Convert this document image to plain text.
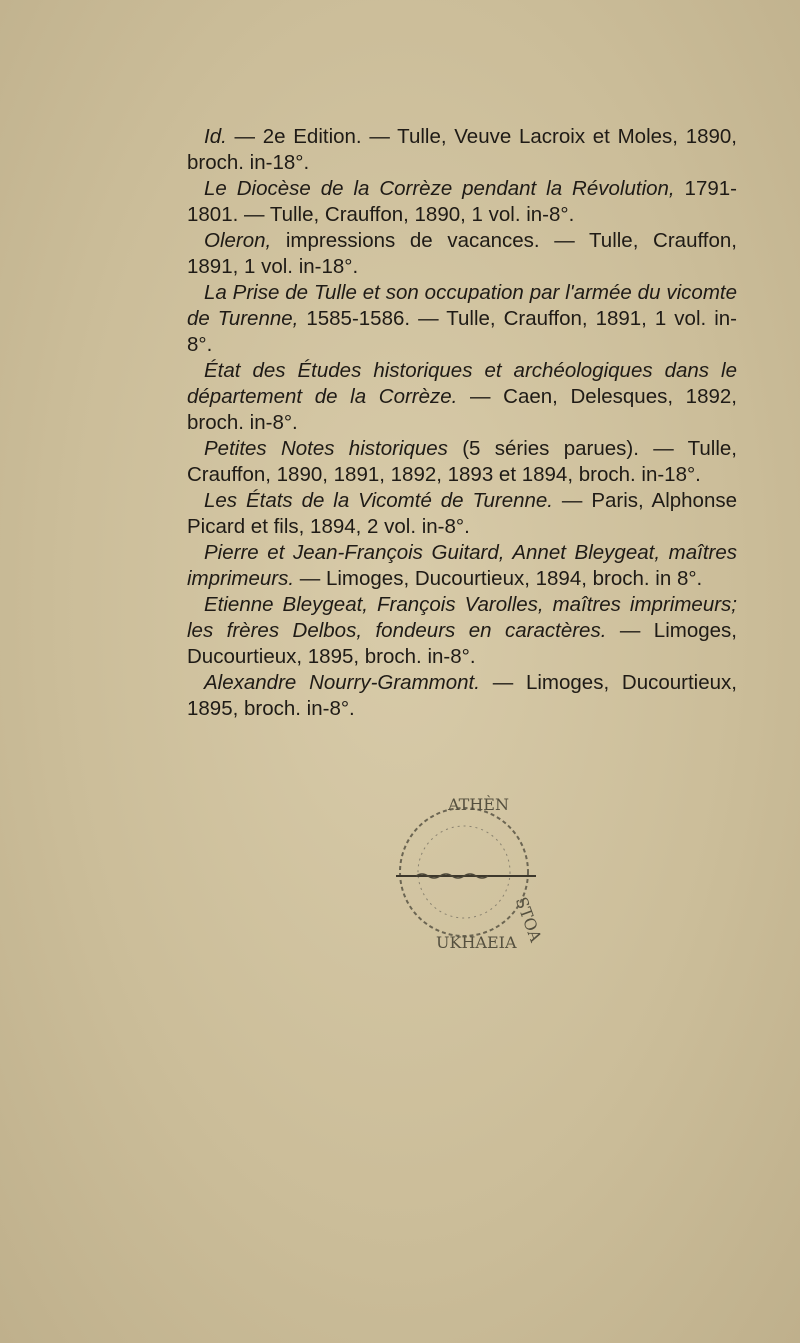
Id. — 2e Edition. — Tulle, Veuve Lacroix et Moles, 1890, broch. in-18°.

Le Diocèse de la Corrèze pendant la Révolution, 1791-1801. — Tulle, Crauffon, 1890, 1 vol. in-8°.

Oleron, impressions de vacances. — Tulle, Crauffon, 1891, 1 vol. in-18°.

La Prise de Tulle et son occupation par l'armée du vicomte de Turenne, 1585-1586. — Tulle, Crauffon, 1891, 1 vol. in-8°.

État des Études historiques et archéologiques dans le département de la Corrèze. — Caen, Delesques, 1892, broch. in-8°.

Petites Notes historiques (5 séries parues). — Tulle, Crauffon, 1890, 1891, 1892, 1893 et 1894, broch. in-18°.

Les États de la Vicomté de Turenne. — Paris, Alphonse Picard et fils, 1894, 2 vol. in-8°.

Pierre et Jean-François Guitard, Annet Bleygeat, maîtres imprimeurs. — Limoges, Ducourtieux, 1894, broch. in 8°.

Etienne Bleygeat, François Varolles, maîtres imprimeurs; les frères Delbos, fondeurs en caractères. — Limoges, Ducourtieux, 1895, broch. in-8°.

Alexandre Nourry-Grammont. — Limoges, Ducourtieux, 1895, broch. in-8°.

ATHÈN
UKHAEIA
STOA
